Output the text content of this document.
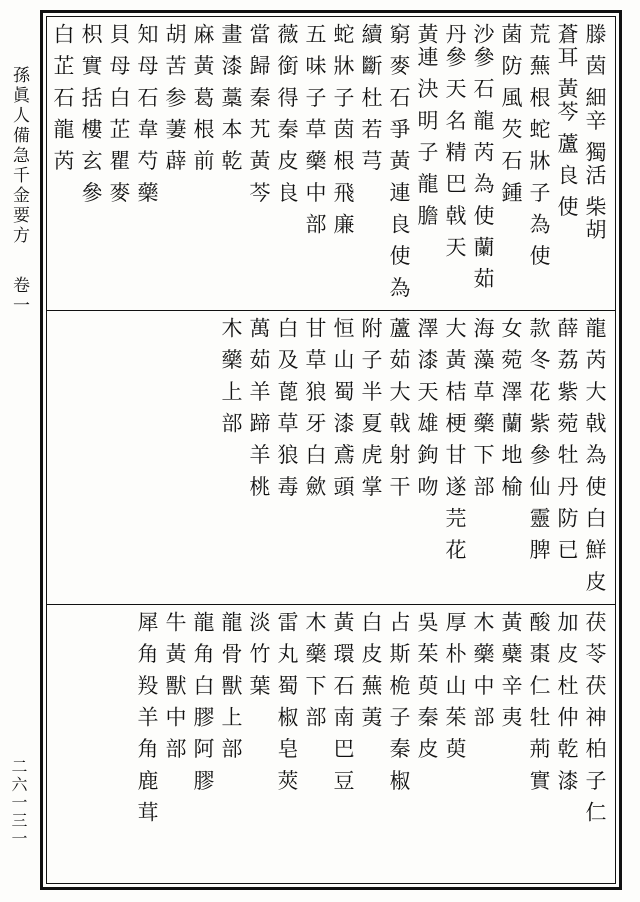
孫眞人備急千金要方 卷一
二六一三一
滕 茵 細辛 獨活 柴胡
蒼耳 黃芩 蘆 良 使
荒 蕪 根 蛇 牀 子 為 使
菌 防 風 芡 石 鍾
沙參 石 龍 芮 為 使 蘭 茹
丹參 天 名 精 巴 戟 天
黃連 決 明 子 龍 膽
窮 麥 石 爭 黃 連 良 使 為
續 斷 杜 若 芎
蛇 牀 子 茵 根 飛 廉
五 味 子 草 藥 中 部
薇 銜 得 秦 皮 良
當 歸 秦 艽 黃 芩
畫 漆 藁 本 乾
麻 黃 葛 根 前
胡 苦 参 萋 薜
知 母 石 韋 芍 藥
貝 母 白 芷 瞿 麥
枳 實 括 樓 玄 參
白 芷 石 龍 芮
龍 芮 大 戟 為 使 白 鮮 皮
薛 荔 紫 菀 牡 丹 防 已
款 冬 花 紫 參 仙 靈 脾
女 菀 澤 蘭 地 榆
海 藻 草 藥 下 部
大 黃 桔 梗 甘 遂 芫 花
澤 漆 天 雄 鉤 吻
蘆 茹 大 戟 射 干
附 子 半 夏 虎 掌
恒 山 蜀 漆 鳶 頭
甘 草 狼 牙 白 歛
白 及 蓖 草 狼 毒
萬 茹 羊 蹄 羊 桃
木 藥 上 部
茯 苓 茯 神 柏 子 仁
加 皮 杜 仲 乾 漆
酸 棗 仁 牡 荊 實
黃 蘗 辛 夷
木 藥 中 部
厚 朴 山 茱 萸
吳 茱 萸 秦 皮
占 斯 桅 子 秦 椒
白 皮 蕪 荑
黃 環 石 南 巴 豆
木 藥 下 部
雷 丸 蜀 椒 皂 莢
淡 竹 葉
龍 骨 獸 上 部
龍 角 白 膠 阿 膠
牛 黃 獸 中 部
犀 角 羖 羊 角 鹿 茸
